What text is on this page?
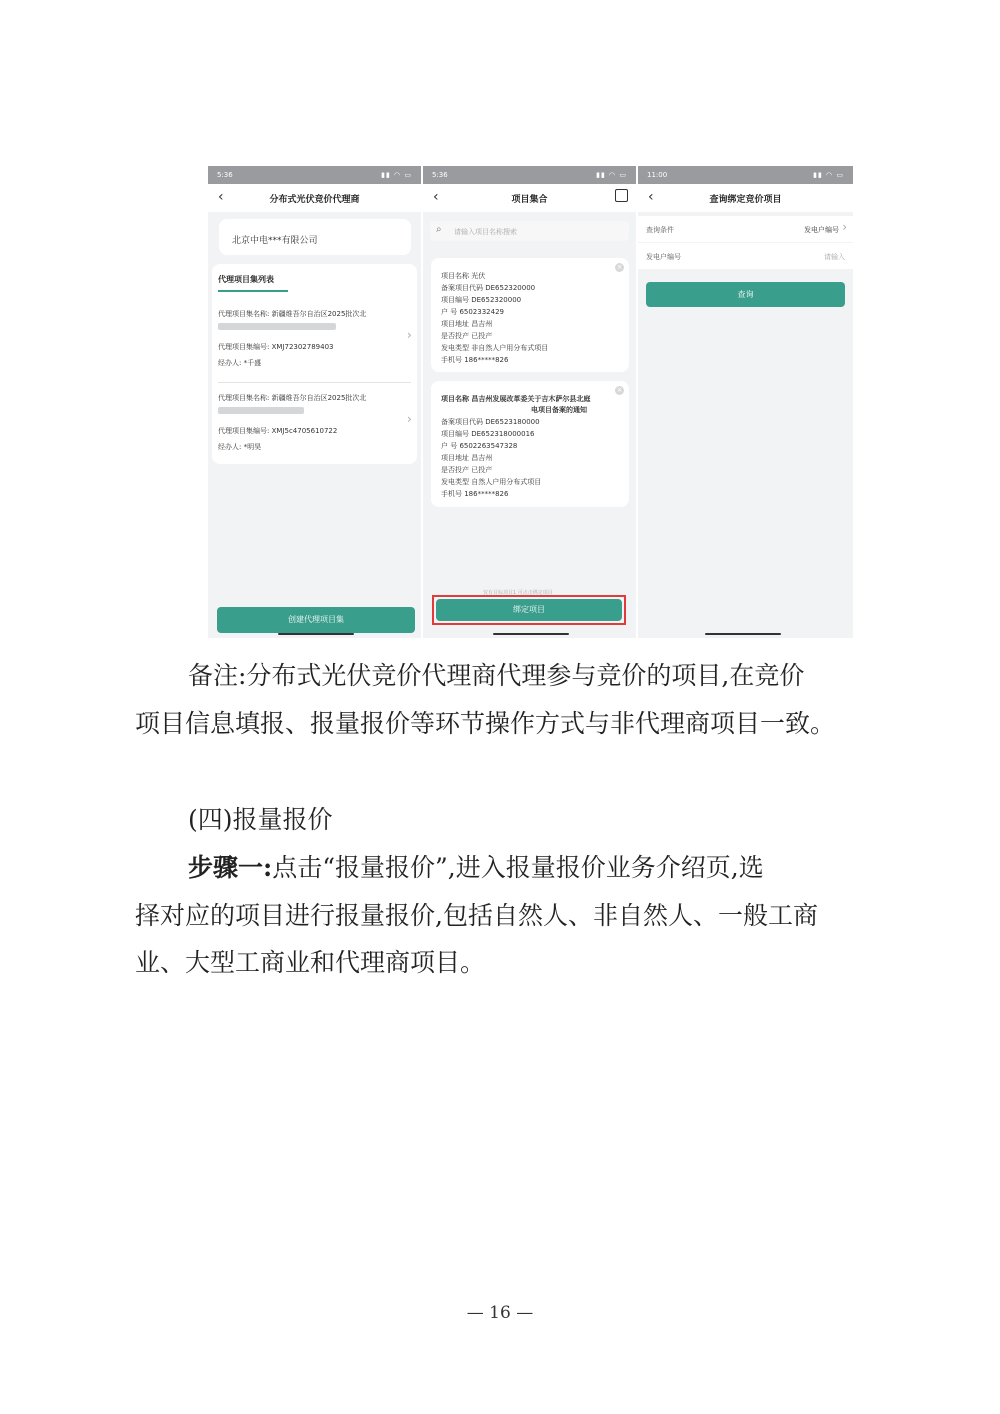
5:36	▮▮ ◠ ▭
‹	分布式光伏竞价代理商
北京中电***有限公司
代理项目集列表
代理项目集名称: 新疆维吾尔自治区2025批次北
代理项目集编号: XMJ72302789403
经办人: *千盛
›
代理项目集名称: 新疆维吾尔自治区2025批次北
代理项目集编号: XMJ5c4705610722
经办人: *明昊
›
创建代理项目集
5:36	▮▮ ◠ ▭
‹	项目集合
⌕ 请输入项目名称搜索
×
项目名称 光伏
备案项目代码 DE652320000
项目编号 DE652320000
户 号 6502332429
项目地址 昌吉州
是否投产 已投产
发电类型 非自然人户用分布式项目
手机号 186*****826
×
项目名称 昌吉州发展改革委关于吉木萨尔县北庭
电项目备案的通知
备案项目代码 DE6523180000
项目编号 DE652318000016
户 号 6502263547328
项目地址 昌吉州
是否投产 已投产
发电类型 自然人户用分布式项目
手机号 186*****826
仅有目标项目1 可点击绑定项目
绑定项目
11:00	▮▮ ◠ ▭
‹	查询绑定竞价项目
查询条件	发电户编号 ›
发电户编号	请输入
查询
备注:分布式光伏竞价代理商代理参与竞价的项目,在竞价
项目信息填报、报量报价等环节操作方式与非代理商项目一致。
(四)报量报价
步骤一:点击“报量报价”,进入报量报价业务介绍页,选
择对应的项目进行报量报价,包括自然人、非自然人、一般工商
业、大型工商业和代理商项目。
— 16 —
